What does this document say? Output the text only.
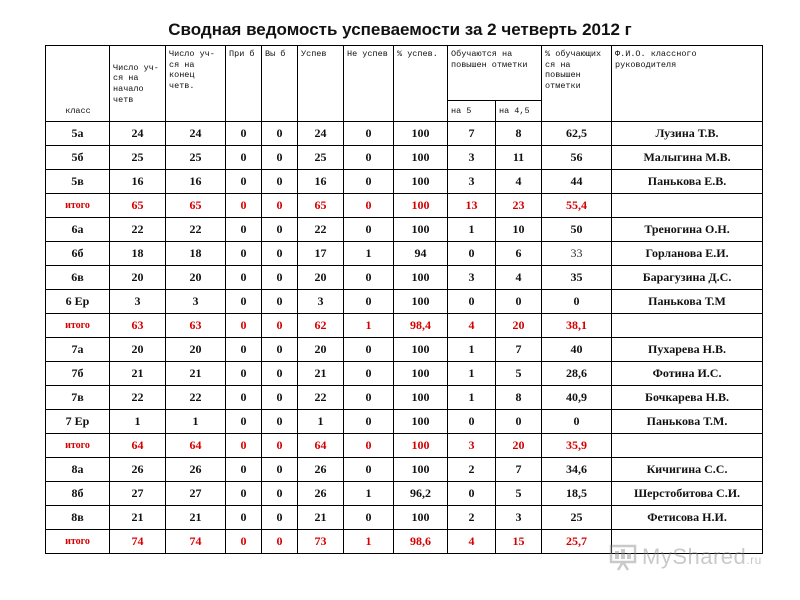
Сводная ведомость успеваемости за 2 четверть 2012 г
класс	Число уч-ся на начало четв	Число уч-ся на конец четв.	При б	Вы б	Успев	Не успев	% успев.	Обучаются на повышен отметки		% обучающих ся на повышен отметки	Ф.И.О. классного руководителя
								на 5	на 4,5		
5а	24	24	0	0	24	0	100	7	8	62,5	Лузина Т.В.
5б	25	25	0	0	25	0	100	3	11	56	Малыгина М.В.
5в	16	16	0	0	16	0	100	3	4	44	Панькова Е.В.
итого	65	65	0	0	65	0	100	13	23	55,4	
6а	22	22	0	0	22	0	100	1	10	50	Треногина О.Н.
6б	18	18	0	0	17	1	94	0	6	33	Горланова Е.И.
6в	20	20	0	0	20	0	100	3	4	35	Барагузина Д.С.
6 Ер	3	3	0	0	3	0	100	0	0	0	Панькова Т.М
итого	63	63	0	0	62	1	98,4	4	20	38,1	
7а	20	20	0	0	20	0	100	1	7	40	Пухарева Н.В.
7б	21	21	0	0	21	0	100	1	5	28,6	Фотина И.С.
7в	22	22	0	0	22	0	100	1	8	40,9	Бочкарева Н.В.
7 Ер	1	1	0	0	1	0	100	0	0	0	Панькова Т.М.
итого	64	64	0	0	64	0	100	3	20	35,9	
8а	26	26	0	0	26	0	100	2	7	34,6	Кичигина С.С.
8б	27	27	0	0	26	1	96,2	0	5	18,5	Шерстобитова С.И.
8в	21	21	0	0	21	0	100	2	3	25	Фетисова Н.И.
итого	74	74	0	0	73	1	98,6	4	15	25,7	
MyShared.ru
